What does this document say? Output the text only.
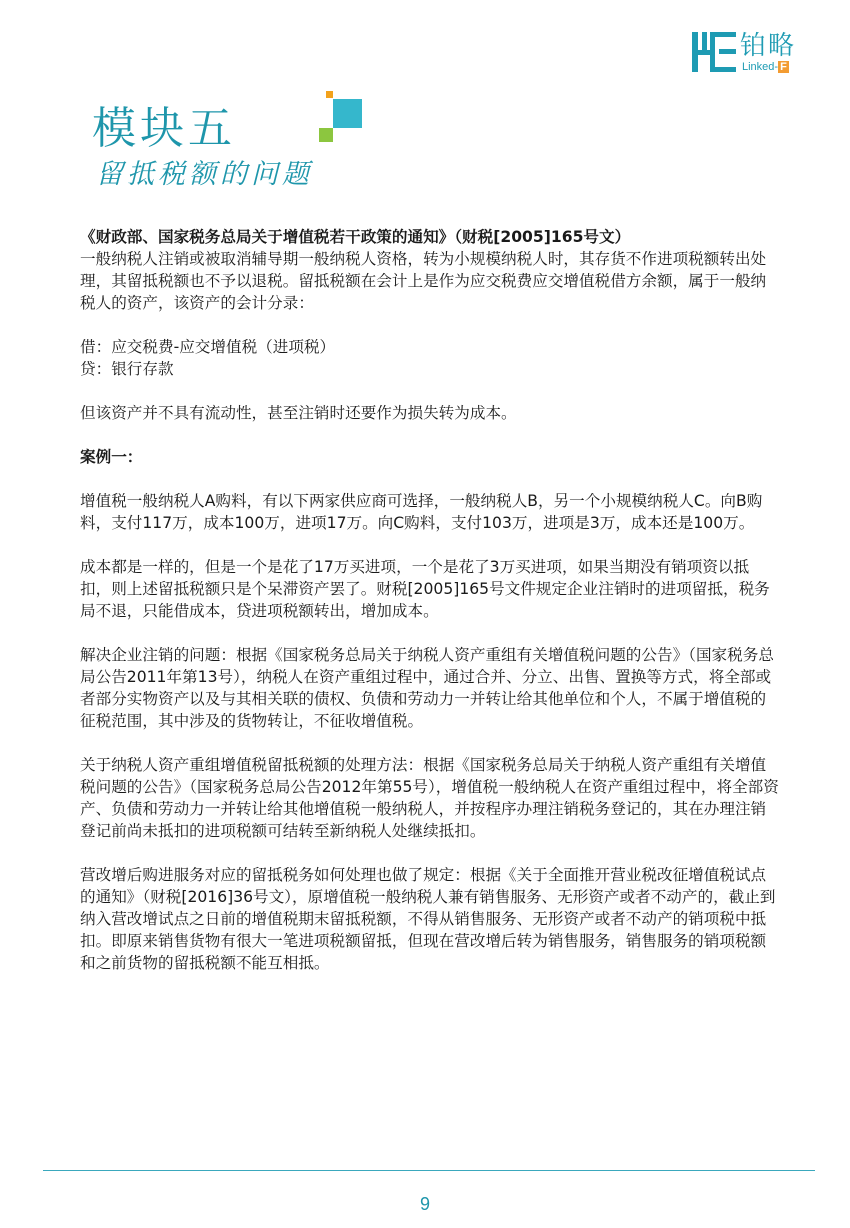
铂略
Linked- F
模块五
留抵税额的问题

《财政部、国家税务总局关于增值税若干政策的通知》（财税[2005]165号文）

一般纳税人注销或被取消辅导期一般纳税人资格，转为小规模纳税人时，其存货不作进项税额转出处理，其留抵税额也不予以退税。留抵税额在会计上是作为应交税费应交增值税借方余额，属于一般纳税人的资产，该资产的会计分录：

借：应交税费-应交增值税（进项税）

贷：银行存款

但该资产并不具有流动性，甚至注销时还要作为损失转为成本。

案例一：

增值税一般纳税人A购料，有以下两家供应商可选择，一般纳税人B，另一个小规模纳税人C。向B购料，支付117万，成本100万，进项17万。向C购料，支付103万，进项是3万，成本还是100万。

成本都是一样的，但是一个是花了17万买进项，一个是花了3万买进项，如果当期没有销项资以抵扣，则上述留抵税额只是个呆滞资产罢了。财税[2005]165号文件规定企业注销时的进项留抵，税务局不退，只能借成本，贷进项税额转出，增加成本。

解决企业注销的问题：根据《国家税务总局关于纳税人资产重组有关增值税问题的公告》（国家税务总局公告2011年第13号），纳税人在资产重组过程中，通过合并、分立、出售、置换等方式，将全部或者部分实物资产以及与其相关联的债权、负债和劳动力一并转让给其他单位和个人，不属于增值税的征税范围，其中涉及的货物转让，不征收增值税。

关于纳税人资产重组增值税留抵税额的处理方法：根据《国家税务总局关于纳税人资产重组有关增值税问题的公告》（国家税务总局公告2012年第55号），增值税一般纳税人在资产重组过程中，将全部资产、负债和劳动力一并转让给其他增值税一般纳税人，并按程序办理注销税务登记的，其在办理注销登记前尚未抵扣的进项税额可结转至新纳税人处继续抵扣。

营改增后购进服务对应的留抵税务如何处理也做了规定：根据《关于全面推开营业税改征增值税试点的通知》（财税[2016]36号文），原增值税一般纳税人兼有销售服务、无形资产或者不动产的，截止到纳入营改增试点之日前的增值税期末留抵税额，不得从销售服务、无形资产或者不动产的销项税中抵扣。即原来销售货物有很大一笔进项税额留抵，但现在营改增后转为销售服务，销售服务的销项税额和之前货物的留抵税额不能互相抵。

9
